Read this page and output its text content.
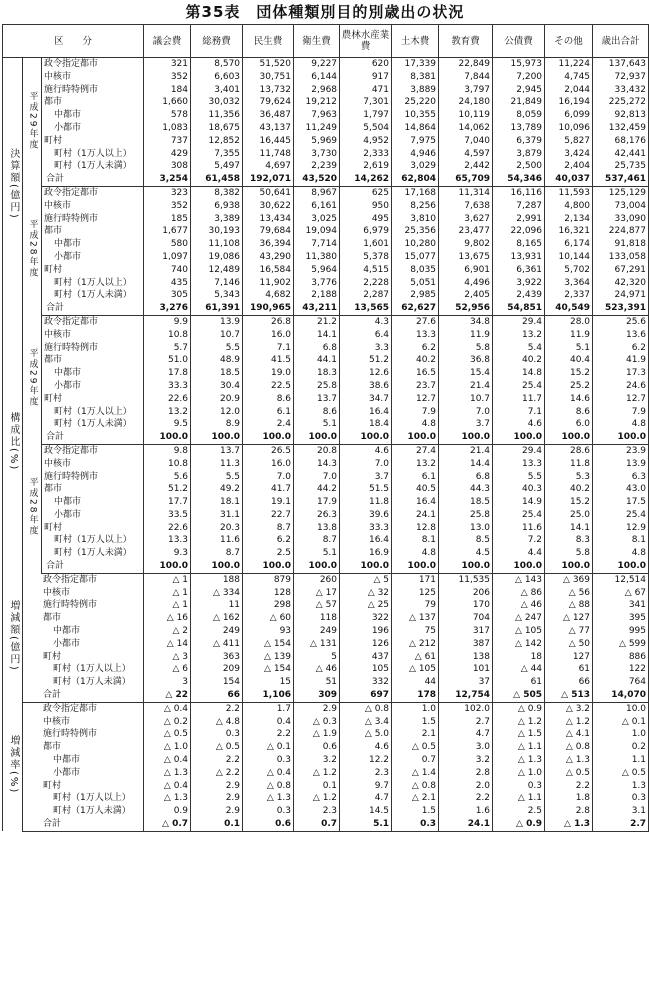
第35表　団体種類別目的別歳出の状況
区　　分			議会費	総務費	民生費	衛生費	農林水産業費	土木費	教育費	公債費	その他	歳出合計
決算額(億円)	平成29年度	政令指定都市	321	8,570	51,520	9,227	620	17,339	22,849	15,973	11,224	137,643
		中核市	352	6,603	30,751	6,144	917	8,381	7,844	7,200	4,745	72,937
		施行時特例市	184	3,401	13,732	2,968	471	3,889	3,797	2,945	2,044	33,432
		都市	1,660	30,032	79,624	19,212	7,301	25,220	24,180	21,849	16,194	225,272
		中都市	578	11,356	36,487	7,963	1,797	10,355	10,119	8,059	6,099	92,813
		小都市	1,083	18,675	43,137	11,249	5,504	14,864	14,062	13,789	10,096	132,459
		町村	737	12,852	16,445	5,969	4,952	7,975	7,040	6,379	5,827	68,176
		町村（1万人以上）	429	7,355	11,748	3,730	2,333	4,946	4,597	3,879	3,424	42,441
		町村（1万人未満）	308	5,497	4,697	2,239	2,619	3,029	2,442	2,500	2,404	25,735
		合計	3,254	61,458	192,071	43,520	14,262	62,804	65,709	54,346	40,037	537,461
	平成28年度	政令指定都市	323	8,382	50,641	8,967	625	17,168	11,314	16,116	11,593	125,129
		中核市	352	6,938	30,622	6,161	950	8,256	7,638	7,287	4,800	73,004
		施行時特例市	185	3,389	13,434	3,025	495	3,810	3,627	2,991	2,134	33,090
		都市	1,677	30,193	79,684	19,094	6,979	25,356	23,477	22,096	16,321	224,877
		中都市	580	11,108	36,394	7,714	1,601	10,280	9,802	8,165	6,174	91,818
		小都市	1,097	19,086	43,290	11,380	5,378	15,077	13,675	13,931	10,144	133,058
		町村	740	12,489	16,584	5,964	4,515	8,035	6,901	6,361	5,702	67,291
		町村（1万人以上）	435	7,146	11,902	3,776	2,228	5,051	4,496	3,922	3,364	42,320
		町村（1万人未満）	305	5,343	4,682	2,188	2,287	2,985	2,405	2,439	2,337	24,971
		合計	3,276	61,391	190,965	43,211	13,565	62,627	52,956	54,851	40,549	523,391
構成比(%)	平成29年度	政令指定都市	9.9	13.9	26.8	21.2	4.3	27.6	34.8	29.4	28.0	25.6
		中核市	10.8	10.7	16.0	14.1	6.4	13.3	11.9	13.2	11.9	13.6
		施行時特例市	5.7	5.5	7.1	6.8	3.3	6.2	5.8	5.4	5.1	6.2
		都市	51.0	48.9	41.5	44.1	51.2	40.2	36.8	40.2	40.4	41.9
		中都市	17.8	18.5	19.0	18.3	12.6	16.5	15.4	14.8	15.2	17.3
		小都市	33.3	30.4	22.5	25.8	38.6	23.7	21.4	25.4	25.2	24.6
		町村	22.6	20.9	8.6	13.7	34.7	12.7	10.7	11.7	14.6	12.7
		町村（1万人以上）	13.2	12.0	6.1	8.6	16.4	7.9	7.0	7.1	8.6	7.9
		町村（1万人未満）	9.5	8.9	2.4	5.1	18.4	4.8	3.7	4.6	6.0	4.8
		合計	100.0	100.0	100.0	100.0	100.0	100.0	100.0	100.0	100.0	100.0
	平成28年度	政令指定都市	9.8	13.7	26.5	20.8	4.6	27.4	21.4	29.4	28.6	23.9
		中核市	10.8	11.3	16.0	14.3	7.0	13.2	14.4	13.3	11.8	13.9
		施行時特例市	5.6	5.5	7.0	7.0	3.7	6.1	6.8	5.5	5.3	6.3
		都市	51.2	49.2	41.7	44.2	51.5	40.5	44.3	40.3	40.2	43.0
		中都市	17.7	18.1	19.1	17.9	11.8	16.4	18.5	14.9	15.2	17.5
		小都市	33.5	31.1	22.7	26.3	39.6	24.1	25.8	25.4	25.0	25.4
		町村	22.6	20.3	8.7	13.8	33.3	12.8	13.0	11.6	14.1	12.9
		町村（1万人以上）	13.3	11.6	6.2	8.7	16.4	8.1	8.5	7.2	8.3	8.1
		町村（1万人未満）	9.3	8.7	2.5	5.1	16.9	4.8	4.5	4.4	5.8	4.8
		合計	100.0	100.0	100.0	100.0	100.0	100.0	100.0	100.0	100.0	100.0
増減額(億円)	政令指定都市		△ 1	188	879	260	△ 5	171	11,535	△ 143	△ 369	12,514
	中核市		△ 1	△ 334	128	△ 17	△ 32	125	206	△ 86	△ 56	△ 67
	施行時特例市		△ 1	11	298	△ 57	△ 25	79	170	△ 46	△ 88	341
	都市		△ 16	△ 162	△ 60	118	322	△ 137	704	△ 247	△ 127	395
	中都市		△ 2	249	93	249	196	75	317	△ 105	△ 77	995
	小都市		△ 14	△ 411	△ 154	△ 131	126	△ 212	387	△ 142	△ 50	△ 599
	町村		△ 3	363	△ 139	5	437	△ 61	138	18	127	886
	町村（1万人以上）		△ 6	209	△ 154	△ 46	105	△ 105	101	△ 44	61	122
	町村（1万人未満）		3	154	15	51	332	44	37	61	66	764
	合計		△ 22	66	1,106	309	697	178	12,754	△ 505	△ 513	14,070
増減率(%)	政令指定都市		△ 0.4	2.2	1.7	2.9	△ 0.8	1.0	102.0	△ 0.9	△ 3.2	10.0
	中核市		△ 0.2	△ 4.8	0.4	△ 0.3	△ 3.4	1.5	2.7	△ 1.2	△ 1.2	△ 0.1
	施行時特例市		△ 0.5	0.3	2.2	△ 1.9	△ 5.0	2.1	4.7	△ 1.5	△ 4.1	1.0
	都市		△ 1.0	△ 0.5	△ 0.1	0.6	4.6	△ 0.5	3.0	△ 1.1	△ 0.8	0.2
	中都市		△ 0.4	2.2	0.3	3.2	12.2	0.7	3.2	△ 1.3	△ 1.3	1.1
	小都市		△ 1.3	△ 2.2	△ 0.4	△ 1.2	2.3	△ 1.4	2.8	△ 1.0	△ 0.5	△ 0.5
	町村		△ 0.4	2.9	△ 0.8	0.1	9.7	△ 0.8	2.0	0.3	2.2	1.3
	町村（1万人以上）		△ 1.3	2.9	△ 1.3	△ 1.2	4.7	△ 2.1	2.2	△ 1.1	1.8	0.3
	町村（1万人未満）		0.9	2.9	0.3	2.3	14.5	1.5	1.6	2.5	2.8	3.1
	合計		△ 0.7	0.1	0.6	0.7	5.1	0.3	24.1	△ 0.9	△ 1.3	2.7
